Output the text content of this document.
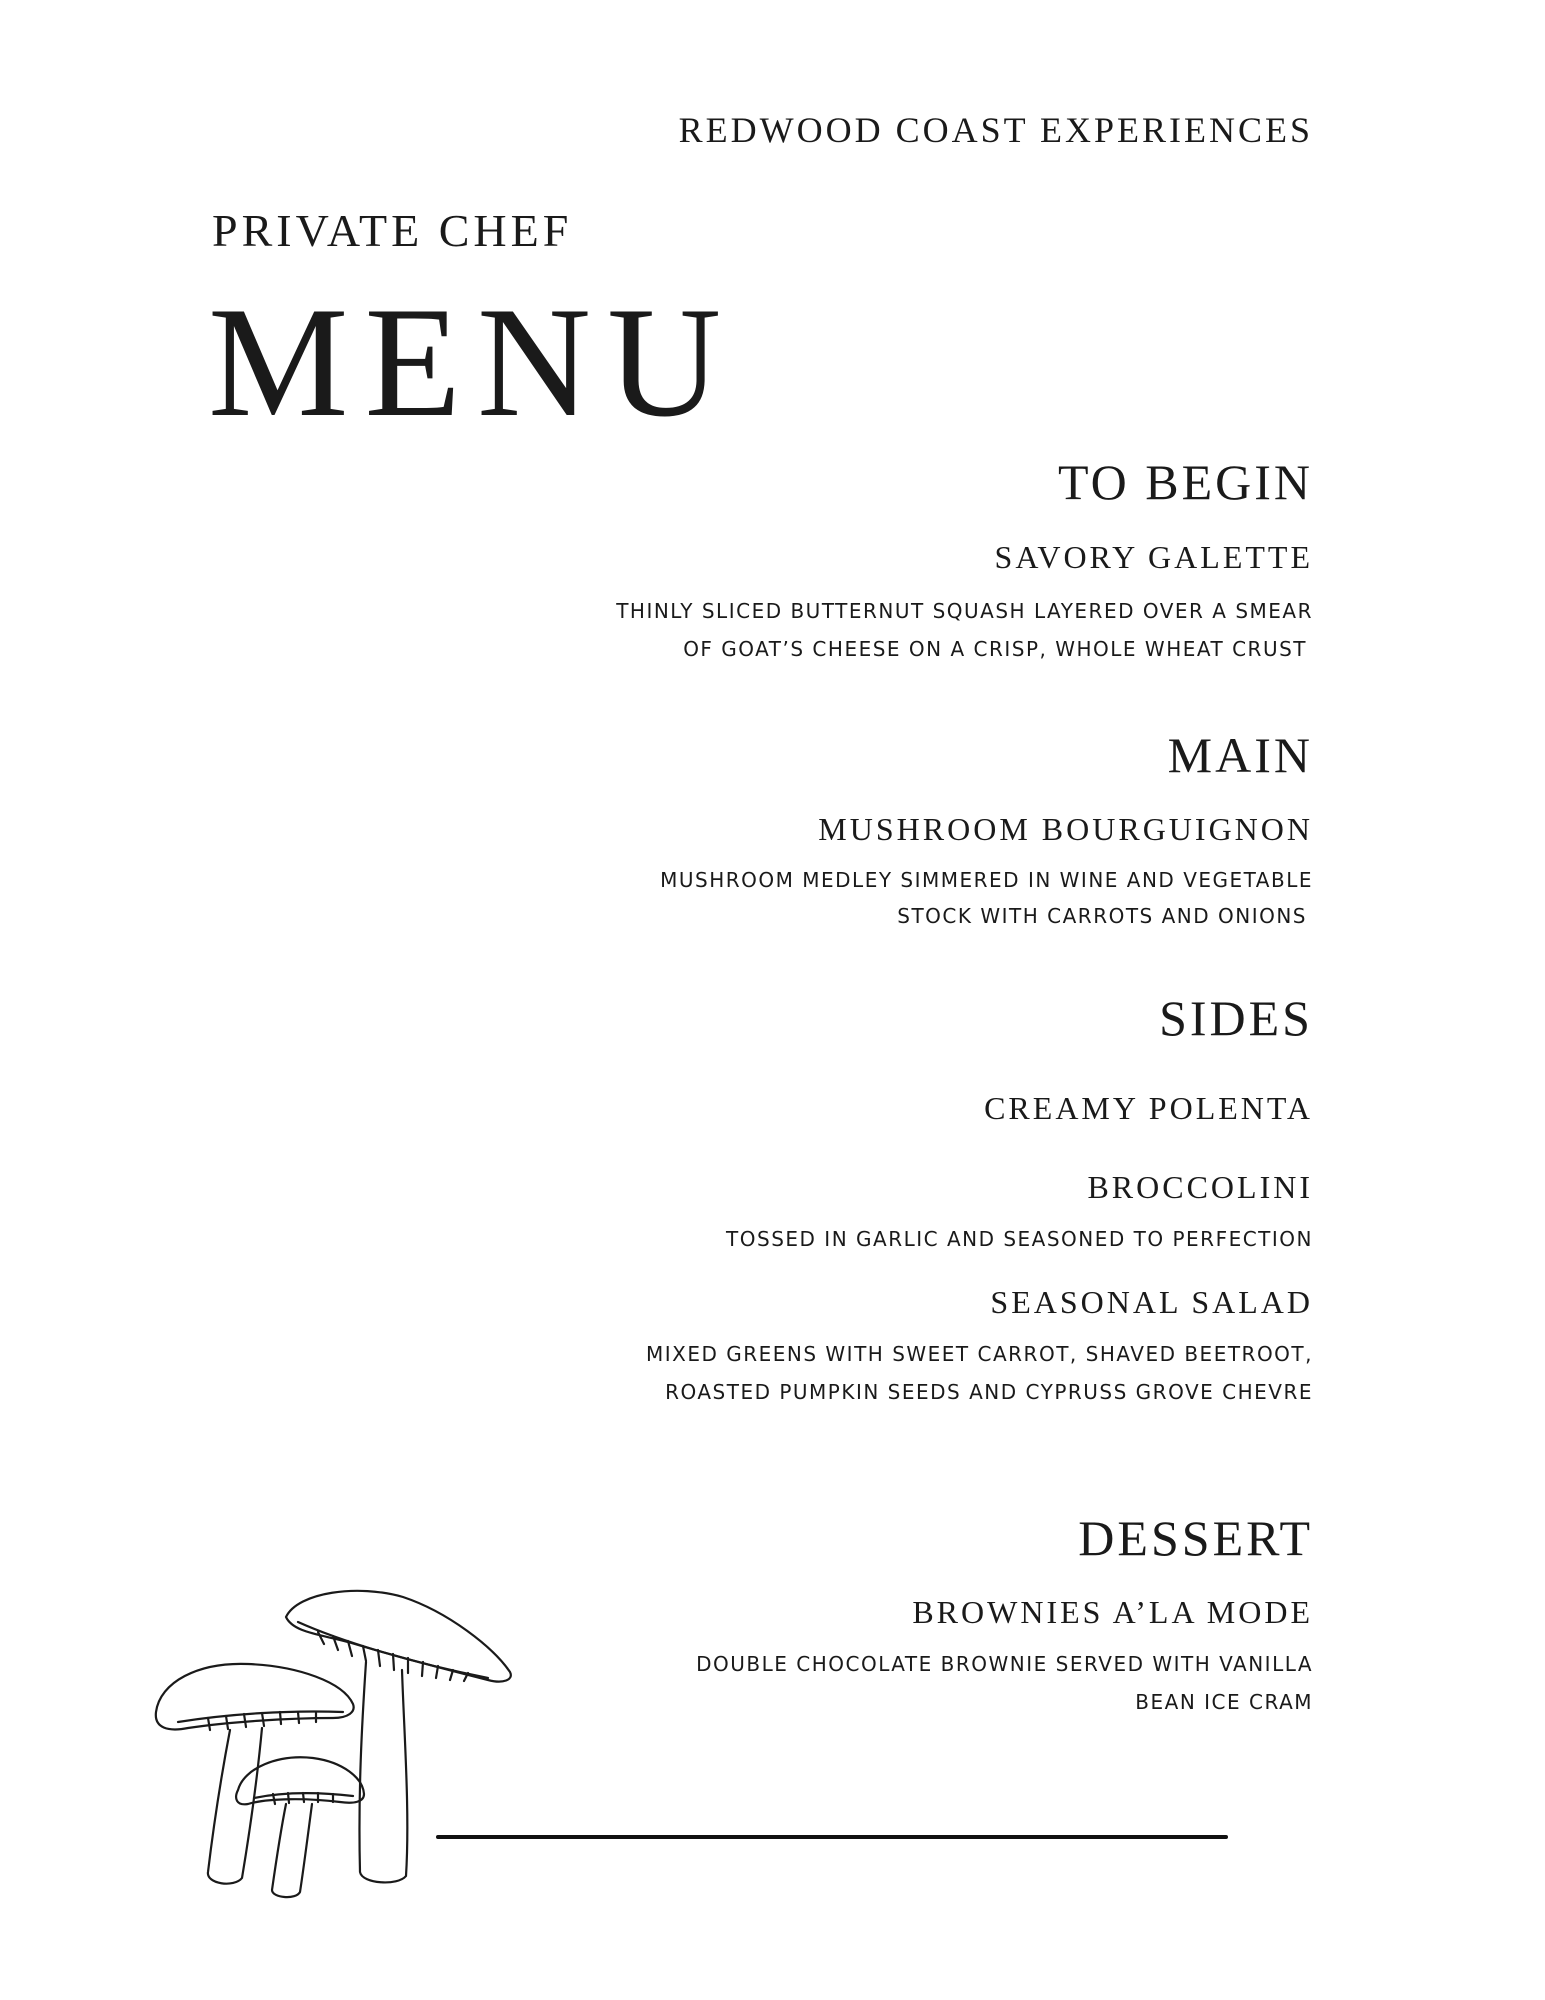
REDWOOD COAST EXPERIENCES
PRIVATE CHEF
MENU
TO BEGIN
SAVORY GALETTE
THINLY SLICED BUTTERNUT SQUASH LAYERED OVER A SMEAR
OF GOAT’S CHEESE ON A CRISP, WHOLE WHEAT CRUST
MAIN
MUSHROOM BOURGUIGNON
MUSHROOM MEDLEY SIMMERED IN WINE AND VEGETABLE
STOCK WITH CARROTS AND ONIONS
SIDES
CREAMY POLENTA
BROCCOLINI
TOSSED IN GARLIC AND SEASONED TO PERFECTION
SEASONAL SALAD
MIXED GREENS WITH SWEET CARROT, SHAVED BEETROOT,
ROASTED PUMPKIN SEEDS AND CYPRUSS GROVE CHEVRE
DESSERT
BROWNIES A’LA MODE
DOUBLE CHOCOLATE BROWNIE SERVED WITH VANILLA
BEAN ICE CRAM
